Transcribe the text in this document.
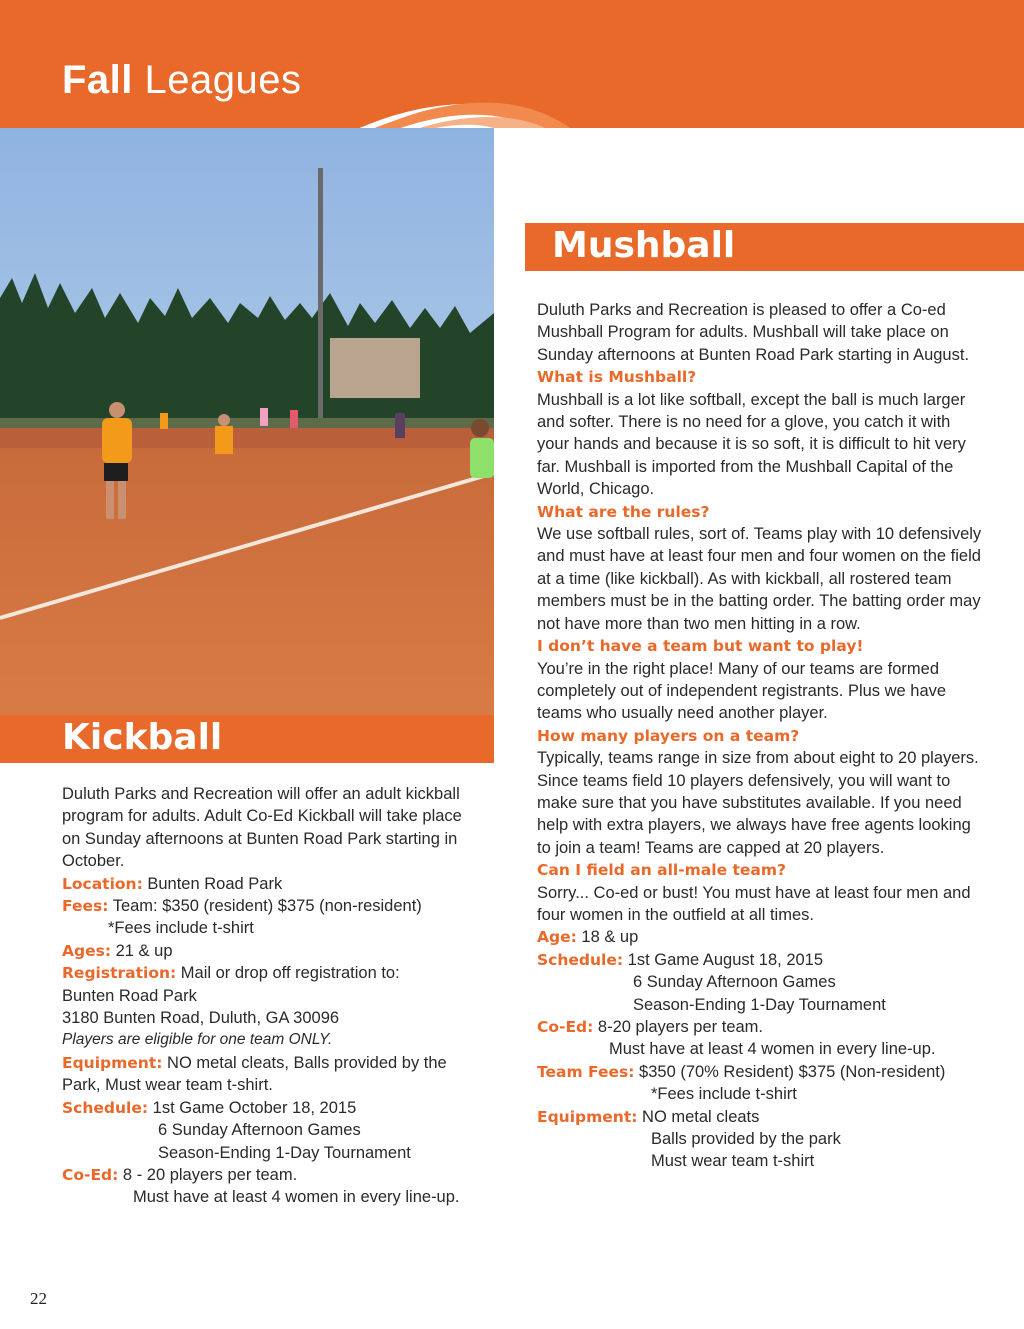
Fall Leagues
Kickball
Mushball

Duluth Parks and Recreation will offer an adult kickball program for adults. Adult Co-Ed Kickball will take place on Sunday afternoons at Bunten Road Park starting in October.

Location: Bunten Road Park

Fees: Team: $350 (resident) $375 (non-resident)

*Fees include t-shirt

Ages: 21 & up

Registration: Mail or drop off registration to:

Bunten Road Park

3180 Bunten Road, Duluth, GA 30096

Players are eligible for one team ONLY.

Equipment: NO metal cleats, Balls provided by the Park, Must wear team t-shirt.

Schedule: 1st Game October 18, 2015

6 Sunday Afternoon Games

Season-Ending 1-Day Tournament

Co-Ed: 8 - 20 players per team.

Must have at least 4 women in every line-up.

Duluth Parks and Recreation is pleased to offer a Co-ed Mushball Program for adults. Mushball will take place on Sunday afternoons at Bunten Road Park starting in August.

What is Mushball?

Mushball is a lot like softball, except the ball is much larger and softer. There is no need for a glove, you catch it with your hands and because it is so soft, it is difficult to hit very far. Mushball is imported from the Mushball Capital of the World, Chicago.

What are the rules?

We use softball rules, sort of. Teams play with 10 defensively and must have at least four men and four women on the field at a time (like kickball). As with kickball, all rostered team members must be in the batting order. The batting order may not have more than two men hitting in a row.

I don’t have a team but want to play!

You’re in the right place! Many of our teams are formed completely out of independent registrants. Plus we have teams who usually need another player.

How many players on a team?

Typically, teams range in size from about eight to 20 players. Since teams field 10 players defensively, you will want to make sure that you have substitutes available. If you need help with extra players, we always have free agents looking to join a team! Teams are capped at 20 players.

Can I field an all-male team?

Sorry... Co-ed or bust! You must have at least four men and four women in the outfield at all times.

Age: 18 & up

Schedule: 1st Game August 18, 2015

6 Sunday Afternoon Games

Season-Ending 1-Day Tournament

Co-Ed: 8-20 players per team.

Must have at least 4 women in every line-up.

Team Fees: $350 (70% Resident) $375 (Non-resident)

*Fees include t-shirt

Equipment: NO metal cleats

Balls provided by the park

Must wear team t-shirt

22
